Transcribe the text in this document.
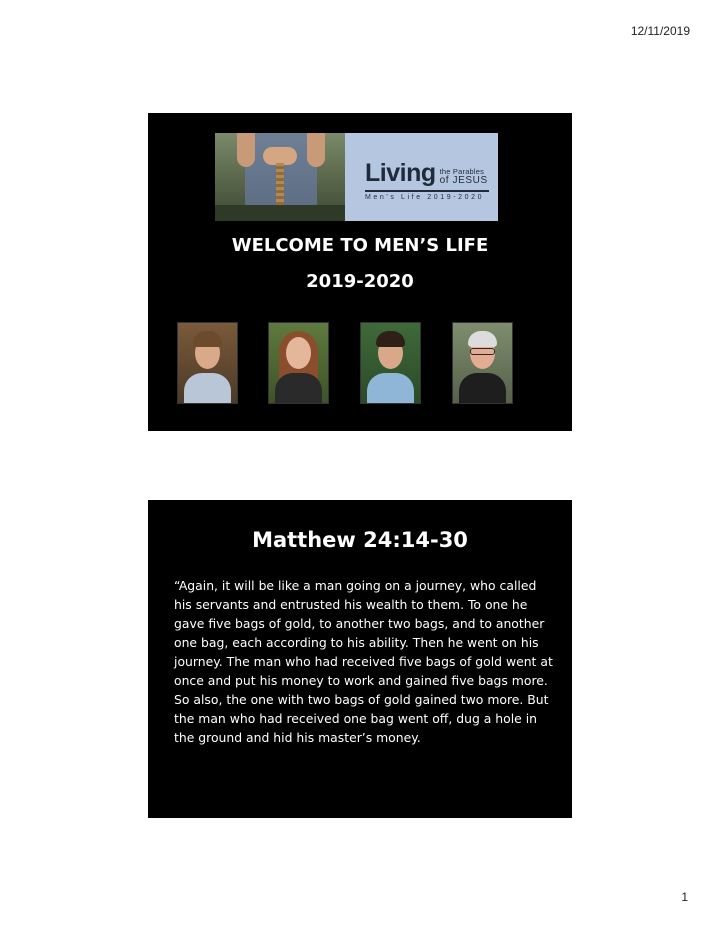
12/11/2019
Living the Parables
of JESUS
Men's Life 2019-2020
WELCOME TO MEN’S LIFE
2019-2020
Matthew 24:14-30
“Again, it will be like a man going on a journey, who called his servants and entrusted his wealth to them. To one he gave five bags of gold, to another two bags, and to another one bag, each according to his ability. Then he went on his journey. The man who had received five bags of gold went at once and put his money to work and gained five bags more. So also, the one with two bags of gold gained two more. But the man who had received one bag went off, dug a hole in the ground and hid his master’s money.
1
